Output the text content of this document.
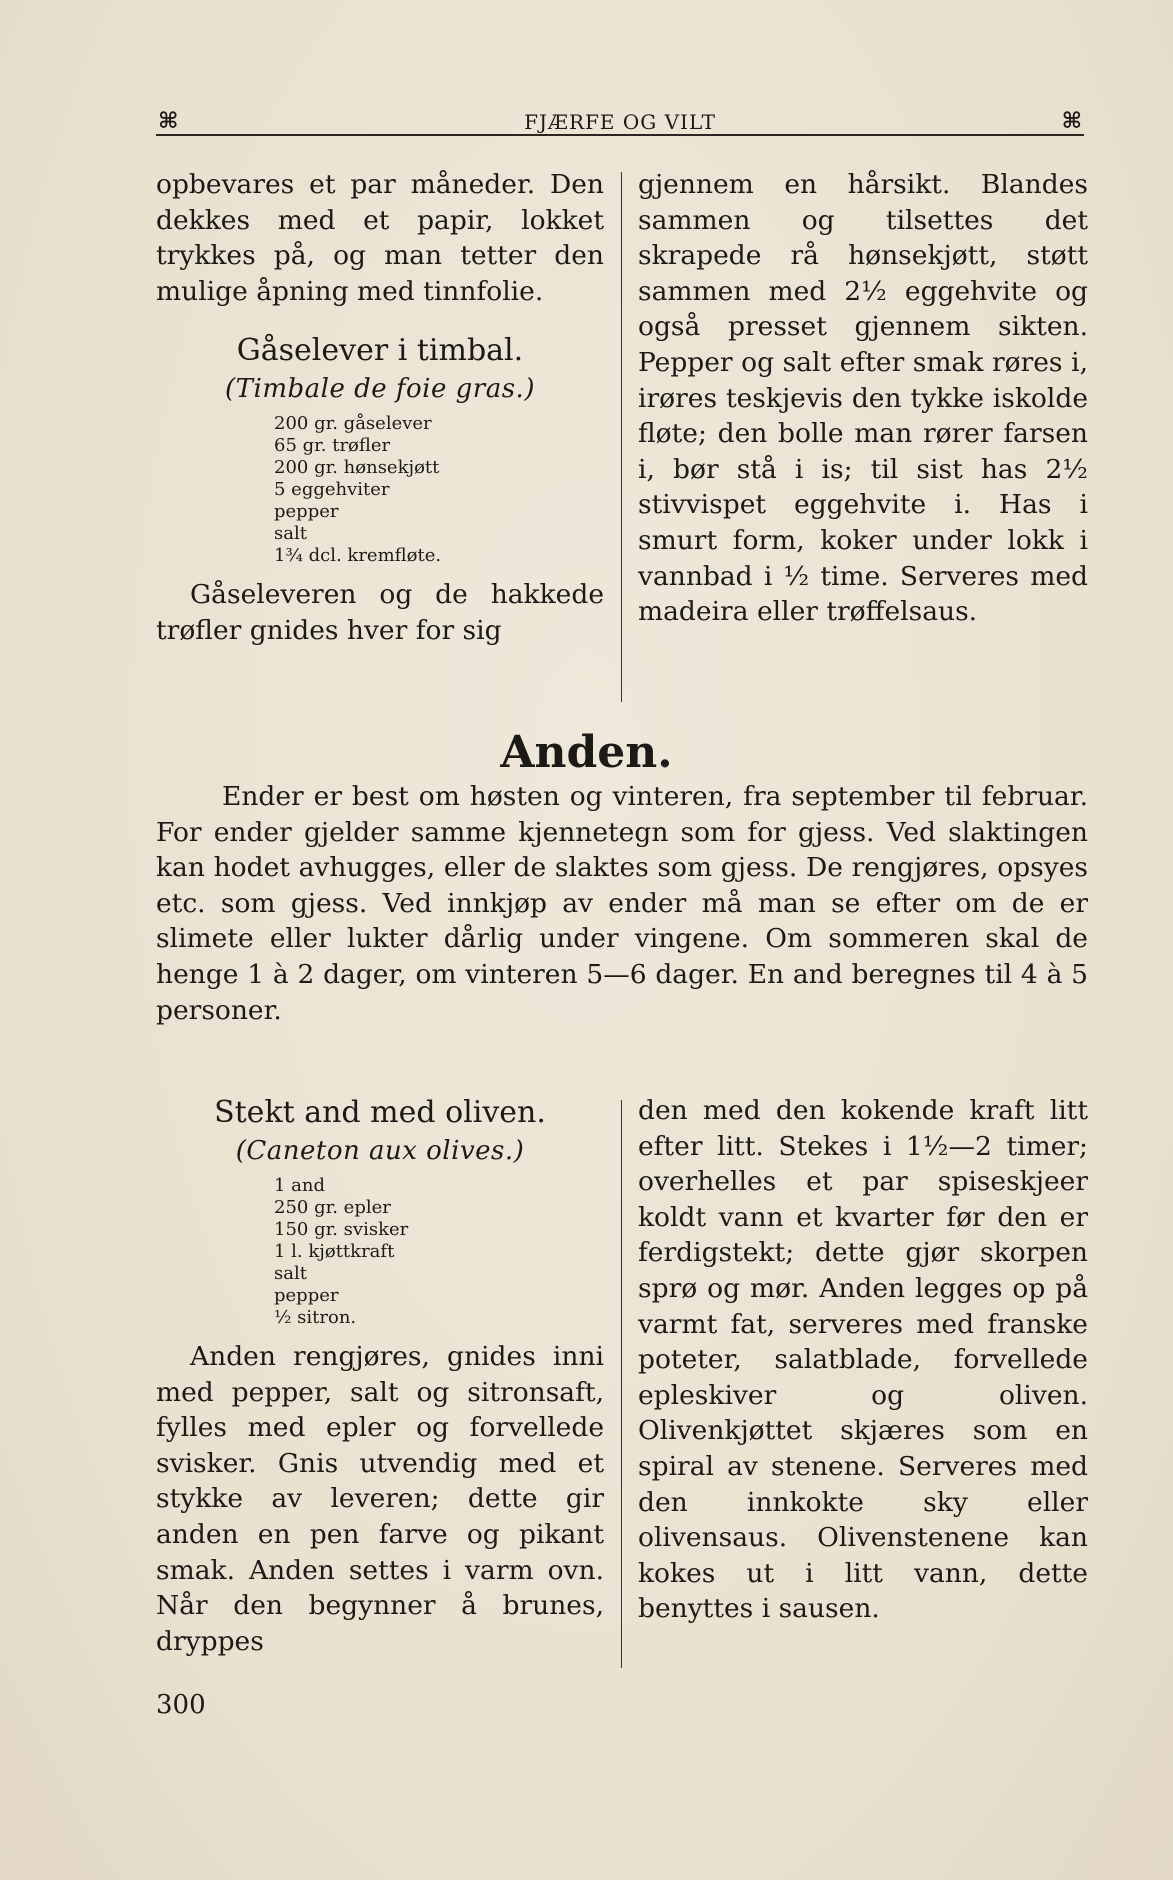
⌘	FJÆRFE OG VILT	⌘

opbevares et par måneder. Den dekkes med et papir, lokket trykkes på, og man tetter den mulige åpning med tinnfolie.

Gåselever i timbal.

(Timbale de foie gras.)

200 gr. gåselever
65 gr. trøfler
200 gr. hønsekjøtt
5 eggehviter
pepper
salt
1¾ dcl. kremfløte.

Gåseleveren og de hakkede trøfler gnides hver for sig

gjennem en hårsikt. Blandes sammen og tilsettes det skrapede rå hønsekjøtt, støtt sammen med 2½ eggehvite og også presset gjennem sikten. Pepper og salt efter smak røres i, irøres teskjevis den tykke iskolde fløte; den bolle man rører farsen i, bør stå i is; til sist has 2½ stivvispet eggehvite i. Has i smurt form, koker under lokk i vannbad i ½ time. Serveres med madeira eller trøffelsaus.

Anden.

Ender er best om høsten og vinteren, fra september til februar. For ender gjelder samme kjennetegn som for gjess. Ved slaktingen kan hodet avhugges, eller de slaktes som gjess. De rengjøres, opsyes etc. som gjess. Ved innkjøp av ender må man se efter om de er slimete eller lukter dårlig under vingene. Om sommeren skal de henge 1 à 2 dager, om vinteren 5—6 dager. En and beregnes til 4 à 5 personer.

Stekt and med oliven.

(Caneton aux olives.)

1 and
250 gr. epler
150 gr. svisker
1 l. kjøttkraft
salt
pepper
½ sitron.

Anden rengjøres, gnides inni med pepper, salt og sitronsaft, fylles med epler og forvellede svisker. Gnis utvendig med et stykke av leveren; dette gir anden en pen farve og pikant smak. Anden settes i varm ovn. Når den begynner å brunes, dryppes

den med den kokende kraft litt efter litt. Stekes i 1½—2 timer; overhelles et par spiseskjeer koldt vann et kvarter før den er ferdigstekt; dette gjør skorpen sprø og mør. Anden legges op på varmt fat, serveres med franske poteter, salatblade, forvellede epleskiver og oliven. Olivenkjøttet skjæres som en spiral av stenene. Serveres med den innkokte sky eller olivensaus. Olivenstenene kan kokes ut i litt vann, dette benyttes i sausen.

300
